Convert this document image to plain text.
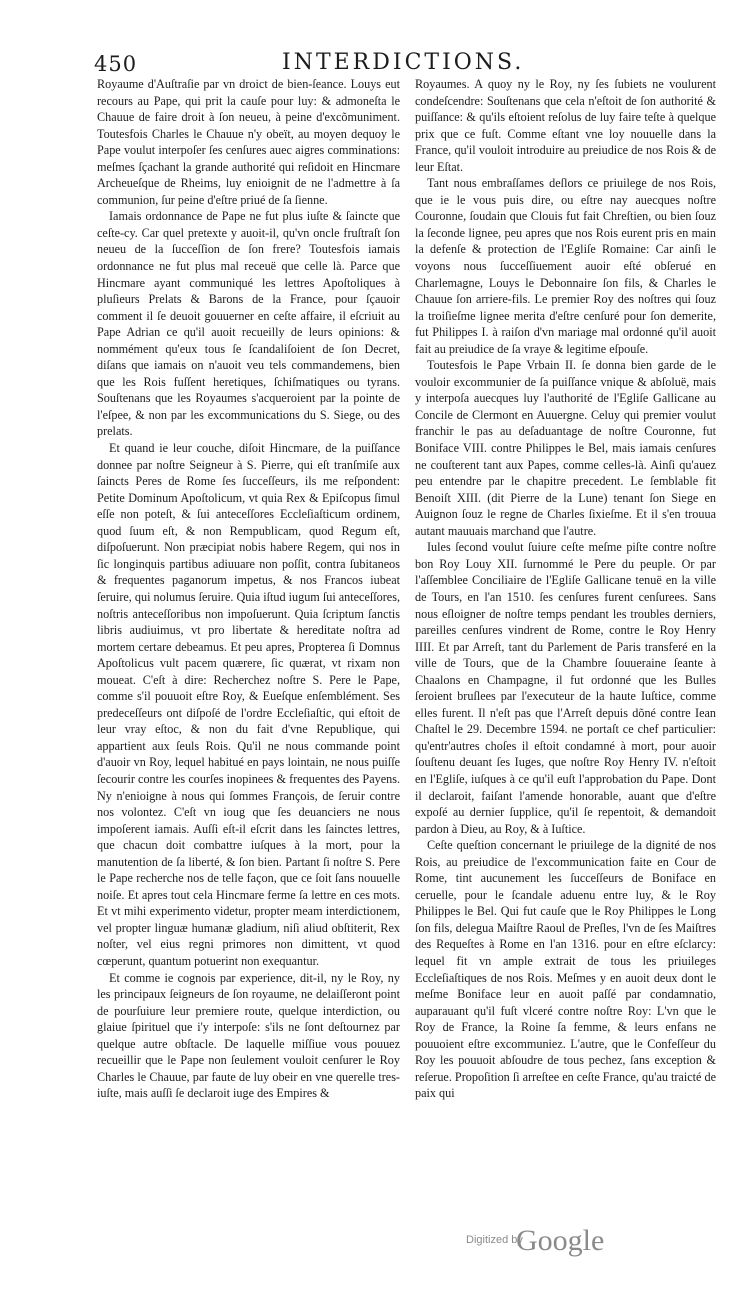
450	INTERDICTIONS.

Royaume d'Auſtraſie par vn droict de bien-ſeance. Louys eut recours au Pape, qui prit la cauſe pour luy: & admoneſta le Chauue de faire droit à ſon neueu, à peine d'excõmuniment. Toutesfois Charles le Chauue n'y obeït, au moyen dequoy le Pape voulut interpoſer ſes cenſures auec aigres comminations: meſmes ſçachant la grande authorité qui reſidoit en Hincmare Archeueſque de Rheims, luy enioignit de ne l'admettre à ſa communion, ſur peine d'eſtre priué de ſa ſienne.

Iamais ordonnance de Pape ne fut plus iuſte & ſaincte que ceſte-cy. Car quel pretexte y auoit-il, qu'vn oncle fruſtraſt ſon neueu de la ſucceſſion de ſon frere? Toutesfois iamais ordonnance ne fut plus mal receuë que celle là. Parce que Hincmare ayant communiqué les lettres Apoſtoliques à pluſieurs Prelats & Barons de la France, pour ſçauoir comment il ſe deuoit gouuerner en ceſte affaire, il eſcriuit au Pape Adrian ce qu'il auoit recueilly de leurs opinions: & nommément qu'eux tous ſe ſcandaliſoient de ſon Decret, diſans que iamais on n'auoit veu tels commandemens, bien que les Rois fuſſent heretiques, ſchiſmatiques ou tyrans. Souſtenans que les Royaumes s'acqueroient par la pointe de l'eſpee, & non par les excommunications du S. Siege, ou des prelats.

Et quand ie leur couche, diſoit Hincmare, de la puiſſance donnee par noſtre Seigneur à S. Pierre, qui eſt tranſmiſe aux ſaincts Peres de Rome ſes ſucceſſeurs, ils me reſpondent: Petite Dominum Apoſtolicum, vt quia Rex & Epiſcopus ſimul eſſe non poteſt, & ſui anteceſſores Eccleſiaſticum ordinem, quod ſuum eſt, & non Rempublicam, quod Regum eſt, diſpoſuerunt. Non præcipiat nobis habere Regem, qui nos in ſic longinquis partibus adiuuare non poſſit, contra ſubitaneos & frequentes paganorum impetus, & nos Francos iubeat ſeruire, qui nolumus ſeruire. Quia iſtud iugum ſui anteceſſores, noſtris anteceſſoribus non impoſuerunt. Quia ſcriptum ſanctis libris audiuimus, vt pro libertate & hereditate noſtra ad mortem certare debeamus. Et peu apres, Propterea ſi Domnus Apoſtolicus vult pacem quærere, ſic quærat, vt rixam non moueat. C'eſt à dire: Recherchez noſtre S. Pere le Pape, comme s'il pouuoit eſtre Roy, & Eueſque enſemblément. Ses predeceſſeurs ont diſpoſé de l'ordre Eccleſiaſtic, qui eſtoit de leur vray eſtoc, & non du fait d'vne Republique, qui appartient aux ſeuls Rois. Qu'il ne nous commande point d'auoir vn Roy, lequel habitué en pays lointain, ne nous puiſſe ſecourir contre les courſes inopinees & frequentes des Payens. Ny n'enioigne à nous qui ſommes François, de ſeruir contre nos volontez. C'eſt vn ioug que ſes deuanciers ne nous impoſerent iamais. Auſſi eſt-il eſcrit dans les ſainctes lettres, que chacun doit combattre iuſques à la mort, pour la manutention de ſa liberté, & ſon bien. Partant ſi noſtre S. Pere le Pape recherche nos de telle façon, que ce ſoit ſans nouuelle noiſe. Et apres tout cela Hincmare ferme ſa lettre en ces mots. Et vt mihi experimento videtur, propter meam interdictionem, vel propter linguæ humanæ gladium, niſi aliud obſtiterit, Rex noſter, vel eius regni primores non dimittent, vt quod cœperunt, quantum potuerint non exequantur.

Et comme ie cognois par experience, dit-il, ny le Roy, ny les principaux ſeigneurs de ſon royaume, ne delaiſſeront point de pourſuiure leur premiere route, quelque interdiction, ou glaiue ſpirituel que i'y interpoſe: s'ils ne ſont deſtournez par quelque autre obſtacle. De laquelle miſſiue vous pouuez recueillir que le Pape non ſeulement vouloit cenſurer le Roy Charles le Chauue, par faute de luy obeir en vne querelle tres-iuſte, mais auſſi ſe declaroit iuge des Empires &

Royaumes. A quoy ny le Roy, ny ſes ſubiets ne voulurent condeſcendre: Souſtenans que cela n'eſtoit de ſon authorité & puiſſance: & qu'ils eſtoient reſolus de luy faire teſte à quelque prix que ce fuſt. Comme eſtant vne loy nouuelle dans la France, qu'il vouloit introduire au preiudice de nos Rois & de leur Eſtat.

Tant nous embraſſames deſlors ce priuilege de nos Rois, que ie le vous puis dire, ou eſtre nay auecques noſtre Couronne, ſoudain que Clouis fut fait Chreſtien, ou bien ſouz la ſeconde lignee, peu apres que nos Rois eurent pris en main la defenſe & protection de l'Egliſe Romaine: Car ainſi le voyons nous ſucceſſiuement auoir eſté obſerué en Charlemagne, Louys le Debonnaire ſon fils, & Charles le Chauue ſon arriere-fils. Le premier Roy des noſtres qui ſouz la troiſieſme lignee merita d'eſtre cenſuré pour ſon demerite, fut Philippes I. à raiſon d'vn mariage mal ordonné qu'il auoit fait au preiudice de ſa vraye & legitime eſpouſe.

Toutesfois le Pape Vrbain II. ſe donna bien garde de le vouloir excommunier de ſa puiſſance vnique & abſoluë, mais y interpoſa auecques luy l'authorité de l'Egliſe Gallicane au Concile de Clermont en Auuergne. Celuy qui premier voulut franchir le pas au deſaduantage de noſtre Couronne, fut Boniface VIII. contre Philippes le Bel, mais iamais cenſures ne couſterent tant aux Papes, comme celles-là. Ainſi qu'auez peu entendre par le chapitre precedent. Le ſemblable fit Benoiſt XIII. (dit Pierre de la Lune) tenant ſon Siege en Auignon ſouz le regne de Charles ſixieſme. Et il s'en trouua autant mauuais marchand que l'autre.

Iules ſecond voulut ſuiure ceſte meſme piſte contre noſtre bon Roy Louy XII. ſurnommé le Pere du peuple. Or par l'aſſemblee Conciliaire de l'Egliſe Gallicane tenuë en la ville de Tours, en l'an 1510. ſes cenſures furent cenſurees. Sans nous eſloigner de noſtre temps pendant les troubles derniers, pareilles cenſures vindrent de Rome, contre le Roy Henry IIII. Et par Arreſt, tant du Parlement de Paris transferé en la ville de Tours, que de la Chambre ſouueraine ſeante à Chaalons en Champagne, il fut ordonné que les Bulles ſeroient bruſlees par l'executeur de la haute Iuſtice, comme elles furent. Il n'eſt pas que l'Arreſt depuis dõné contre Iean Chaſtel le 29. Decembre 1594. ne portaſt ce chef particulier: qu'entr'autres choſes il eſtoit condamné à mort, pour auoir ſouſtenu deuant ſes Iuges, que noſtre Roy Henry IV. n'eſtoit en l'Egliſe, iuſques à ce qu'il euſt l'approbation du Pape. Dont il declaroit, faiſant l'amende honorable, auant que d'eſtre expoſé au dernier ſupplice, qu'il ſe repentoit, & demandoit pardon à Dieu, au Roy, & à Iuſtice.

Ceſte queſtion concernant le priuilege de la dignité de nos Rois, au preiudice de l'excommunication faite en Cour de Rome, tint aucunement les ſucceſſeurs de Boniface en ceruelle, pour le ſcandale aduenu entre luy, & le Roy Philippes le Bel. Qui fut cauſe que le Roy Philippes le Long ſon fils, delegua Maiſtre Raoul de Preſles, l'vn de ſes Maiſtres des Requeſtes à Rome en l'an 1316. pour en eſtre eſclarcy: lequel fit vn ample extrait de tous les priuileges Eccleſiaſtiques de nos Rois. Meſmes y en auoit deux dont le meſme Boniface leur en auoit paſſé par condamnatio, auparauant qu'il fuſt vlceré contre noſtre Roy: L'vn que le Roy de France, la Roine ſa femme, & leurs enfans ne pouuoient eſtre excommuniez. L'autre, que le Confeſſeur du Roy les pouuoit abſoudre de tous pechez, ſans exception & reſerue. Propoſition ſi arreſtee en ceſte France, qu'au traicté de paix qui

Digitized by
Google
